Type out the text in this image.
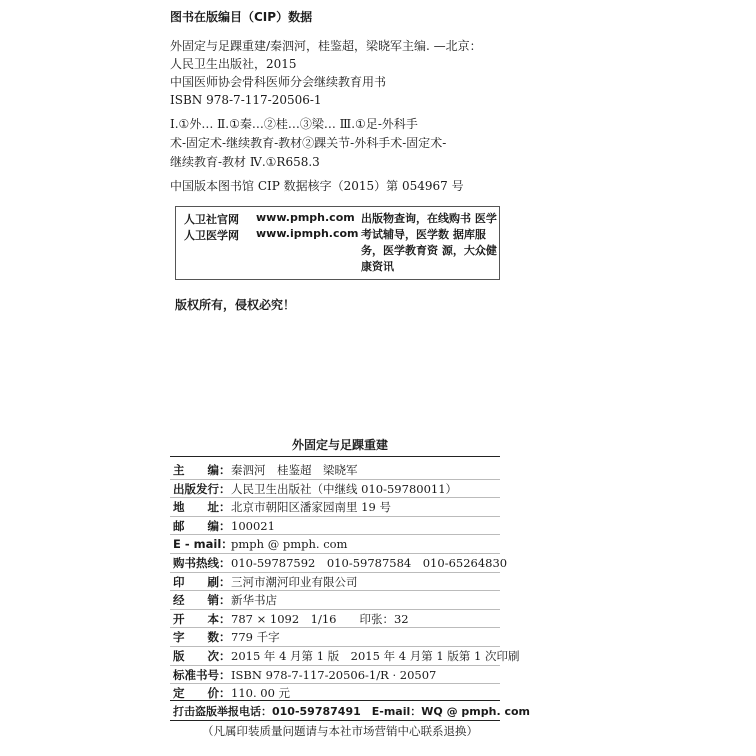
图书在版编目（CIP）数据
外固定与足踝重建/秦泗河，桂鉴超，梁晓军主编. —北京：
人民卫生出版社，2015
中国医师协会骨科医师分会继续教育用书
ISBN 978-7-117-20506-1
Ⅰ.①外… Ⅱ.①秦…②桂…③梁… Ⅲ.①足-外科手
术-固定术-继续教育-教材②踝关节-外科手术-固定术-
继续教育-教材 Ⅳ.①R658.3
中国版本图书馆 CIP 数据核字（2015）第 054967 号
人卫社官网 www.pmph.com
人卫医学网 www.ipmph.com
出版物查询，在线购书 医学考试辅导，医学数 据库服务，医学教育资 源，大众健康资讯
版权所有，侵权必究！
外固定与足踝重建
主　　编：秦泗河　桂鉴超　梁晓军
出版发行：人民卫生出版社（中继线 010-59780011）
地　　址：北京市朝阳区潘家园南里 19 号
邮　　编：100021
E - mail：pmph @ pmph. com
购书热线：010-59787592　010-59787584　010-65264830
印　　刷：三河市潮河印业有限公司
经　　销：新华书店
开　　本：787 × 1092　1/16　　印张：32
字　　数：779 千字
版　　次：2015 年 4 月第 1 版　2015 年 4 月第 1 版第 1 次印刷
标准书号：ISBN 978-7-117-20506-1/R · 20507
定　　价：110. 00 元
打击盗版举报电话：010-59787491　E-mail：WQ @ pmph. com
（凡属印装质量问题请与本社市场营销中心联系退换）
